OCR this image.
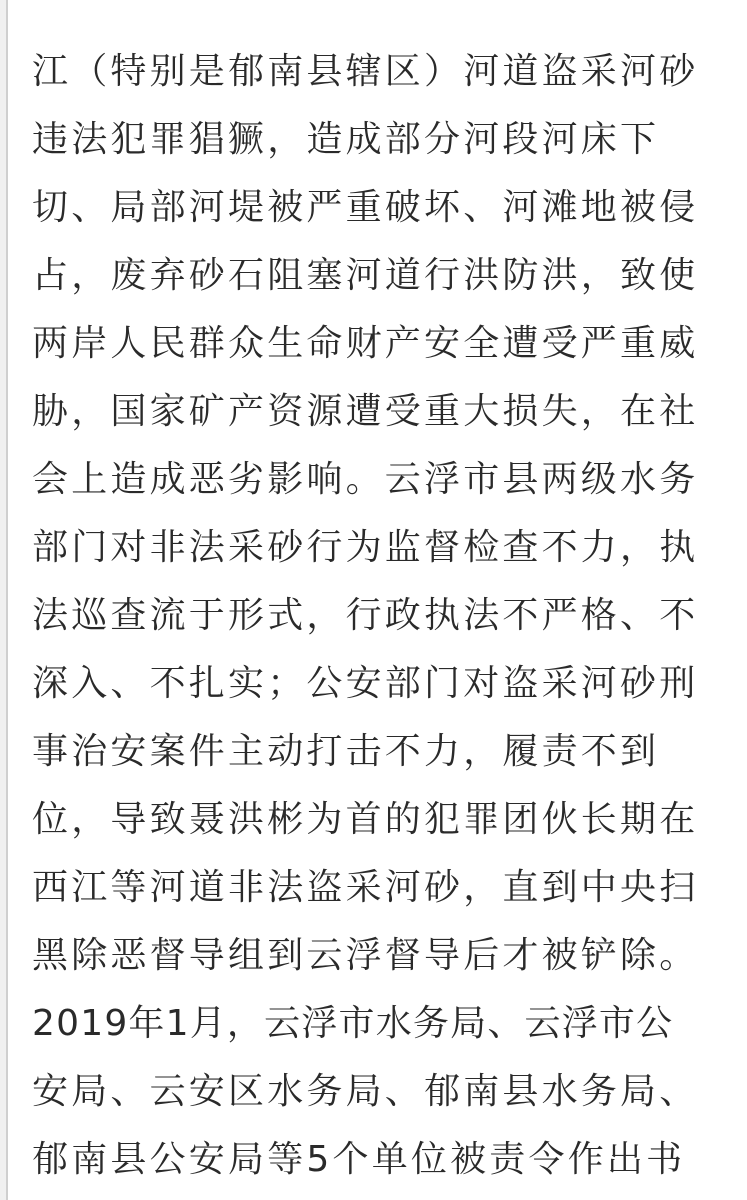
江（特别是郁南县辖区）河道盗采河砂
违法犯罪猖獗，造成部分河段河床下
切、局部河堤被严重破坏、河滩地被侵
占，废弃砂石阻塞河道行洪防洪，致使
两岸人民群众生命财产安全遭受严重威
胁，国家矿产资源遭受重大损失，在社
会上造成恶劣影响。云浮市县两级水务
部门对非法采砂行为监督检查不力，执
法巡查流于形式，行政执法不严格、不
深入、不扎实；公安部门对盗采河砂刑
事治安案件主动打击不力，履责不到
位，导致聂洪彬为首的犯罪团伙长期在
西江等河道非法盗采河砂，直到中央扫
黑除恶督导组到云浮督导后才被铲除。
2019年1月，云浮市水务局、云浮市公
安局、云安区水务局、郁南县水务局、
郁南县公安局等5个单位被责令作出书
